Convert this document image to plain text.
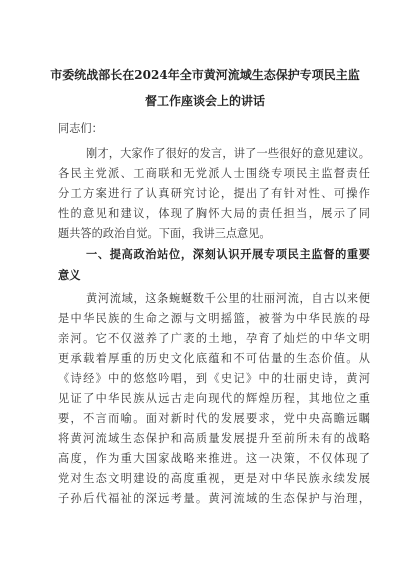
市委统战部长在2024年全市黄河流域生态保护专项民主监
督工作座谈会上的讲话
同志们：
刚才，大家作了很好的发言，讲了一些很好的意见建议。
各民主党派、工商联和无党派人士围绕专项民主监督责任
分工方案进行了认真研究讨论，提出了有针对性、可操作
性的意见和建议，体现了胸怀大局的责任担当，展示了同
题共答的政治自觉。下面，我讲三点意见。
一、提高政治站位，深刻认识开展专项民主监督的重要
意义
黄河流域，这条蜿蜒数千公里的壮丽河流，自古以来便
是中华民族的生命之源与文明摇篮，被誉为中华民族的母
亲河。它不仅滋养了广袤的土地，孕育了灿烂的中华文明
更承载着厚重的历史文化底蕴和不可估量的生态价值。从
《诗经》中的悠悠吟唱，到《史记》中的壮丽史诗，黄河
见证了中华民族从远古走向现代的辉煌历程，其地位之重
要，不言而喻。面对新时代的发展要求，党中央高瞻远瞩
将黄河流域生态保护和高质量发展提升至前所未有的战略
高度，作为重大国家战略来推进。这一决策，不仅体现了
党对生态文明建设的高度重视，更是对中华民族永续发展
子孙后代福祉的深远考量。黄河流域的生态保护与治理，
